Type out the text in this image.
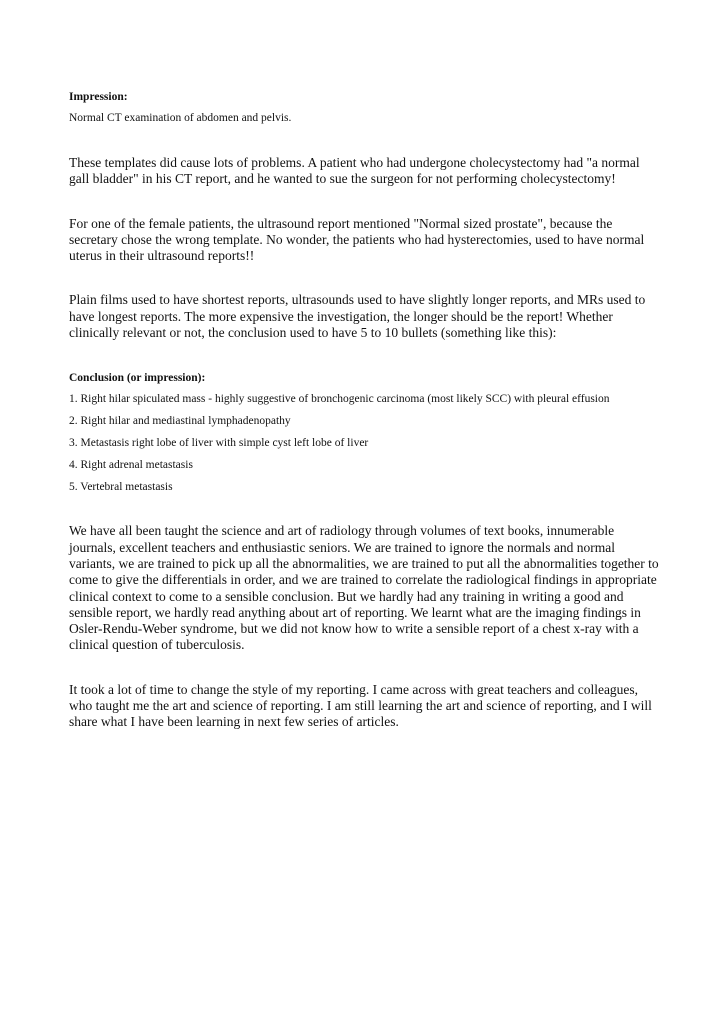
Impression:

Normal CT examination of abdomen and pelvis.

These templates did cause lots of problems. A patient who had undergone cholecystectomy had "a normal gall bladder" in his CT report, and he wanted to sue the surgeon for not performing cholecystectomy!

For one of the female patients, the ultrasound report mentioned "Normal sized prostate", because the secretary chose the wrong template. No wonder, the patients who had hysterectomies, used to have normal uterus in their ultrasound reports!!

Plain films used to have shortest reports, ultrasounds used to have slightly longer reports, and MRs used to have longest reports. The more expensive the investigation, the longer should be the report! Whether clinically relevant or not, the conclusion used to have 5 to 10 bullets (something like this):

Conclusion (or impression):

1. Right hilar spiculated mass - highly suggestive of bronchogenic carcinoma (most likely SCC) with pleural effusion
2. Right hilar and mediastinal lymphadenopathy
3. Metastasis right lobe of liver with simple cyst left lobe of liver
4. Right adrenal metastasis
5. Vertebral metastasis

We have all been taught the science and art of radiology through volumes of text books, innumerable journals, excellent teachers and enthusiastic seniors. We are trained to ignore the normals and normal variants, we are trained to pick up all the abnormalities, we are trained to put all the abnormalities together to come to give the differentials in order, and we are trained to correlate the radiological findings in appropriate clinical context to come to a sensible conclusion. But we hardly had any training in writing a good and sensible report, we hardly read anything about art of reporting. We learnt what are the imaging findings in Osler-Rendu-Weber syndrome, but we did not know how to write a sensible report of a chest x-ray with a clinical question of tuberculosis.

It took a lot of time to change the style of my reporting. I came across with great teachers and colleagues, who taught me the art and science of reporting. I am still learning the art and science of reporting, and I will share what I have been learning in next few series of articles.
